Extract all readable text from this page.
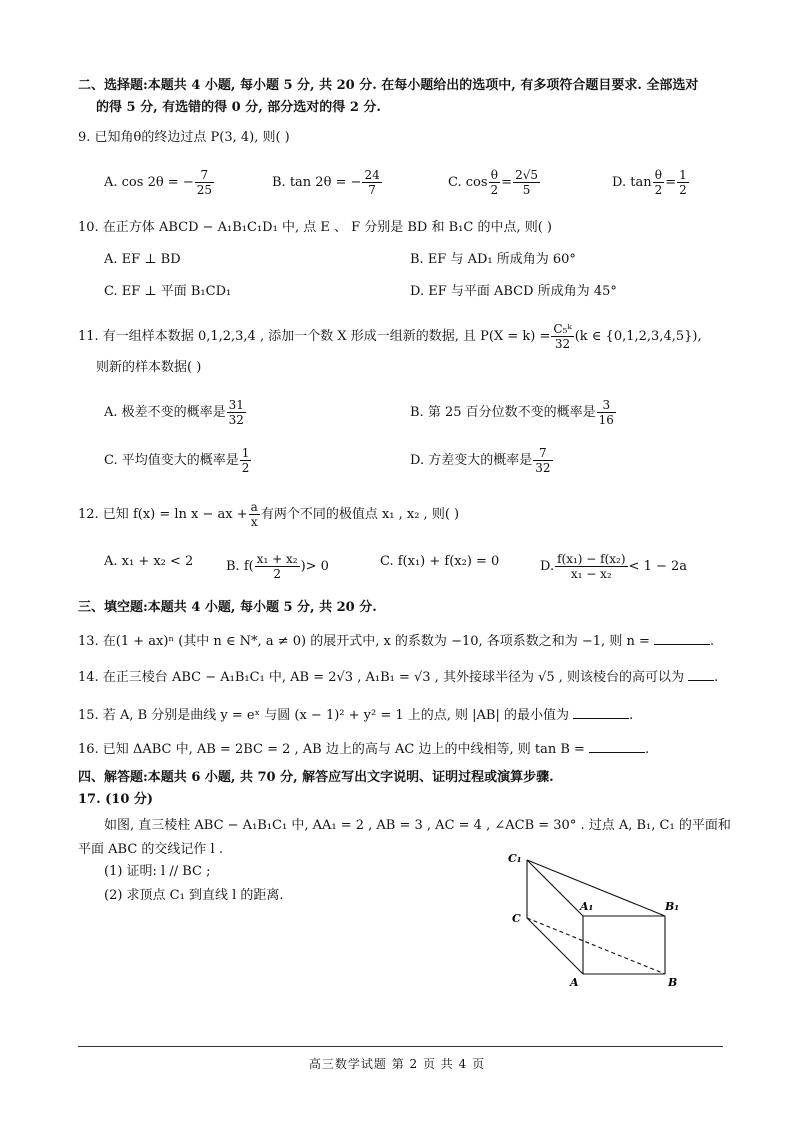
二、选择题:本题共 4 小题, 每小题 5 分, 共 20 分. 在每小题给出的选项中, 有多项符合题目要求. 全部选对
的得 5 分, 有选错的得 0 分, 部分选对的得 2 分.
9. 已知角θ的终边过点 P(3, 4), 则( )
A. cos 2θ = − $\frac{7}{25}$	B. tan 2θ = − $\frac{24}{7}$	C. $\cos \frac{\theta}{2} = \frac{2√5}{5}$	D. $\tan \frac{\theta}{2} = \frac{1}{2}$
10. 在正方体 ABCD − A₁B₁C₁D₁ 中, 点 E 、 F 分别是 BD 和 B₁C 的中点, 则( )
A. EF ⊥ BD	B. EF 与 AD₁ 所成角为 60°
C. EF ⊥ 平面 B₁CD₁	D. EF 与平面 ABCD 所成角为 45°
11. 有一组样本数据 0,1,2,3,4 , 添加一个数 X 形成一组新的数据, 且 $P(X = k) = \frac{\text{C₅ᵏ}}{32} (k$ ∈ {0,1,2,3,4,5}),
则新的样本数据( )
A. 极差不变的概率是 $\frac{31}{32}$	B. 第 25 百分位数不变的概率是 $\frac{3}{16}$
C. 平均值变大的概率是 $\frac{1}{2}$	D. 方差变大的概率是 $\frac{7}{32}$
12. 已知 f(x) = ln x − ax + $\frac{a}{x}$ 有两个不同的极值点 x₁ , x₂ , 则( )
A. x₁ + x₂ < 2	B. $f( \frac{\text{x₁ + x₂}}{2}$ )> 0	C. f(x₁) + f(x₂) = 0	D. $\frac{\text{f(x₁) − f(x₂)}}{\text{x₁ − x₂}} < 1 - 2a$
三、填空题:本题共 4 小题, 每小题 5 分, 共 20 分.
13. 在(1 + ax)ⁿ (其中 n ∈ N*, a ≠ 0) 的展开式中, x 的系数为 −10, 各项系数之和为 −1, 则 n =	.
14. 在正三棱台 ABC − A₁B₁C₁ 中, AB = 2√3 , A₁B₁ = √3 , 其外接球半径为 √5 , 则该棱台的高可以为 .
15. 若 A, B 分别是曲线 y = eˣ 与圆 (x − 1)² + y² = 1 上的点, 则 |AB| 的最小值为	.
16. 已知 ΔABC 中, AB = 2BC = 2 , AB 边上的高与 AC 边上的中线相等, 则 tan B =	.
四、解答题:本题共 6 小题, 共 70 分, 解答应写出文字说明、证明过程或演算步骤.
17. (10 分)
如图, 直三棱柱 ABC − A₁B₁C₁ 中, AA₁ = 2 , AB = 3 , AC = 4 , ∠ACB = 30° . 过点 A, B₁, C₁ 的平面和
平面 ABC 的交线记作 l .
(1) 证明: l // BC ;
(2) 求顶点 C₁ 到直线 l 的距离.
C₁
C
A₁	B₁
A	B
高三数学试题 第 2 页 共 4 页
